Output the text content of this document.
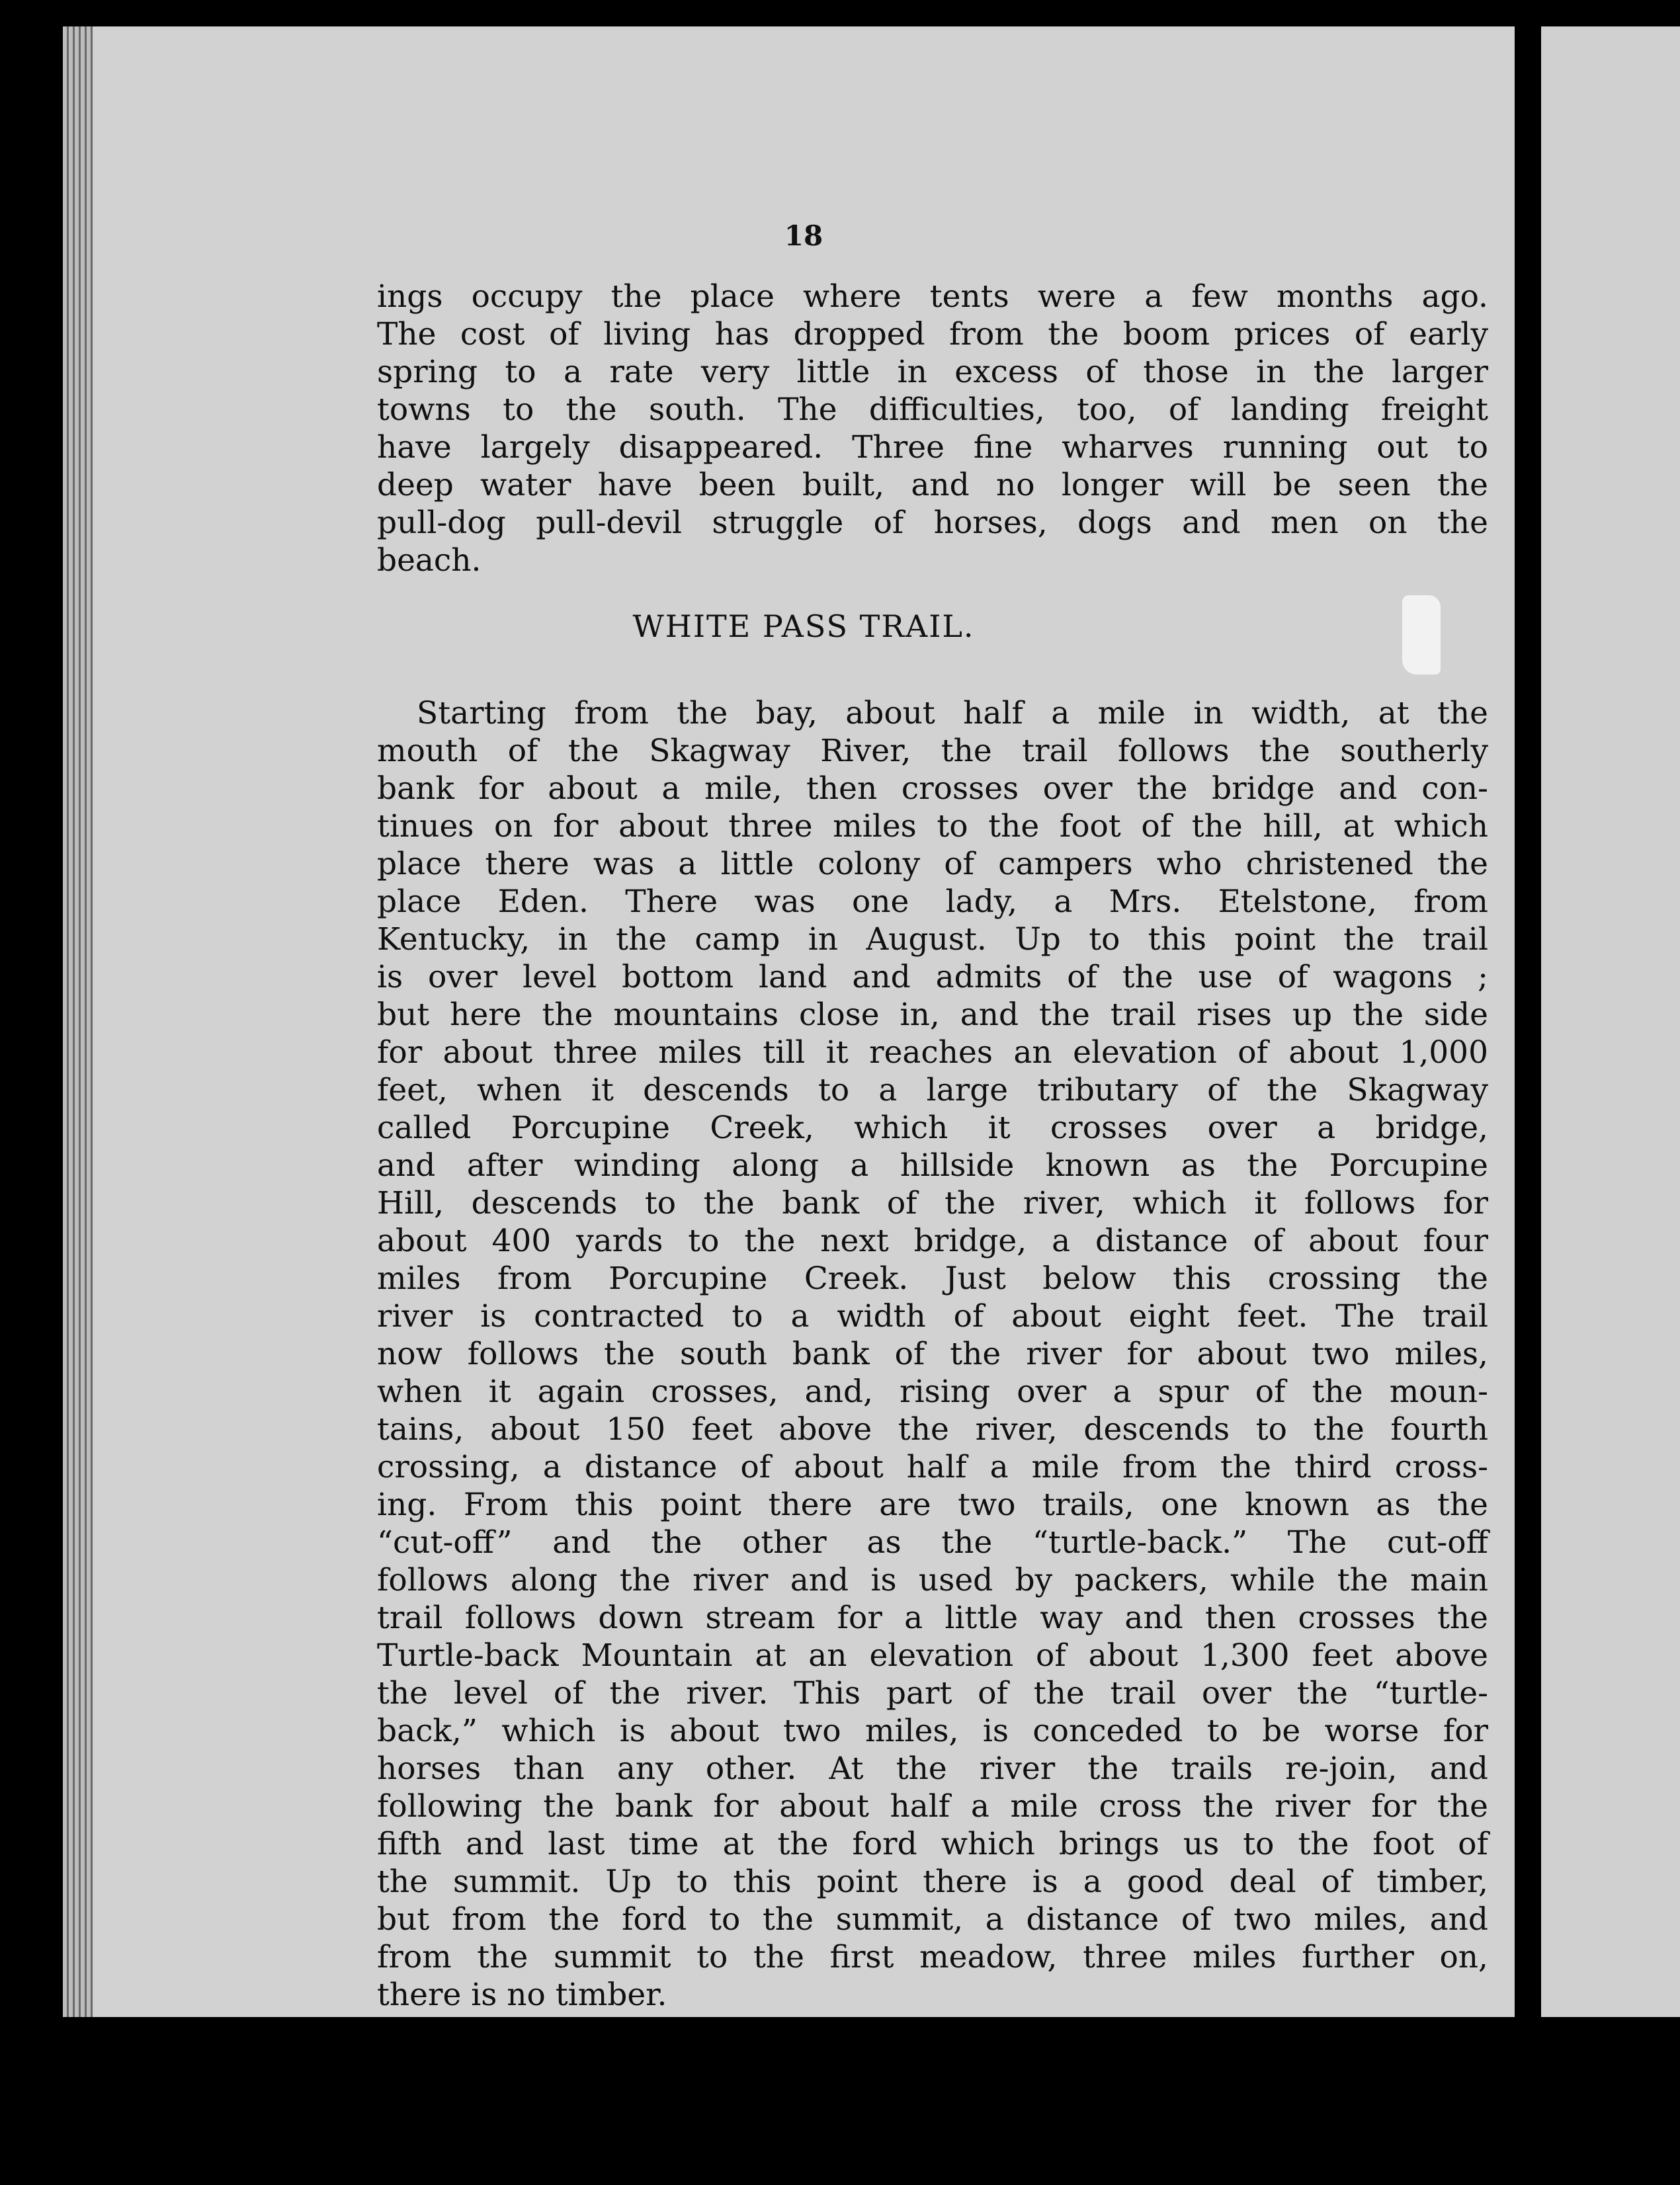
18
ings occupy the place where tents were a few months ago.
The cost of living has dropped from the boom prices of early
spring to a rate very little in excess of those in the larger
towns to the south. The difficulties, too, of landing freight
have largely disappeared. Three fine wharves running out to
deep water have been built, and no longer will be seen the
pull-dog pull-devil struggle of horses, dogs and men on the
beach.
WHITE PASS TRAIL.
Starting from the bay, about half a mile in width, at the
mouth of the Skagway River, the trail follows the southerly
bank for about a mile, then crosses over the bridge and con-
tinues on for about three miles to the foot of the hill, at which
place there was a little colony of campers who christened the
place Eden. There was one lady, a Mrs. Etelstone, from
Kentucky, in the camp in August. Up to this point the trail
is over level bottom land and admits of the use of wagons ;
but here the mountains close in, and the trail rises up the side
for about three miles till it reaches an elevation of about 1,000
feet, when it descends to a large tributary of the Skagway
called Porcupine Creek, which it crosses over a bridge,
and after winding along a hillside known as the Porcupine
Hill, descends to the bank of the river, which it follows for
about 400 yards to the next bridge, a distance of about four
miles from Porcupine Creek. Just below this crossing the
river is contracted to a width of about eight feet. The trail
now follows the south bank of the river for about two miles,
when it again crosses, and, rising over a spur of the moun-
tains, about 150 feet above the river, descends to the fourth
crossing, a distance of about half a mile from the third cross-
ing. From this point there are two trails, one known as the
“cut-off” and the other as the “turtle-back.” The cut-off
follows along the river and is used by packers, while the main
trail follows down stream for a little way and then crosses the
Turtle-back Mountain at an elevation of about 1,300 feet above
the level of the river. This part of the trail over the “turtle-
back,” which is about two miles, is conceded to be worse for
horses than any other. At the river the trails re-join, and
following the bank for about half a mile cross the river for the
fifth and last time at the ford which brings us to the foot of
the summit. Up to this point there is a good deal of timber,
but from the ford to the summit, a distance of two miles, and
from the summit to the first meadow, three miles further on,
there is no timber.
